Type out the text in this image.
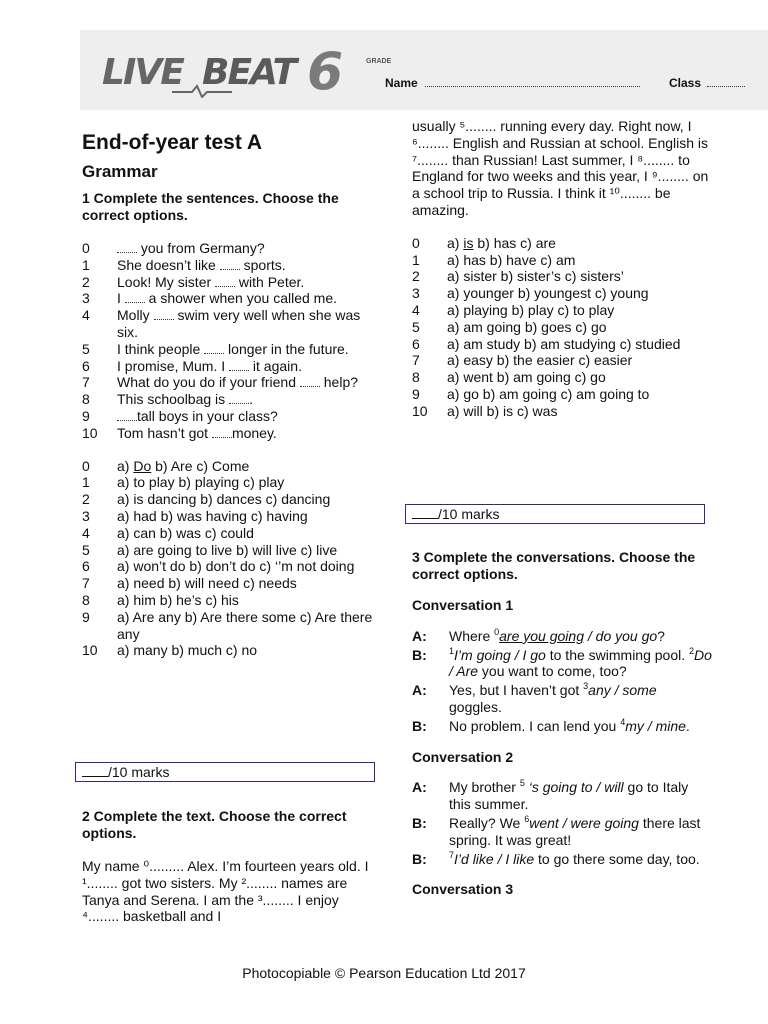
LIVE BEAT 6	GRADE
Name	Class
End-of-year test A
Grammar

1 Complete the sentences. Choose the correct options.

0	you from Germany?
1	She doesn’t like  sports.
2	Look! My sister  with Peter.
3	I  a shower when you called me.
4	Molly  swim very well when she was six.
5	I think people  longer in the future.
6	I promise, Mum. I  it again.
7	What do you do if your friend  help?
8	This schoolbag is .
9	tall boys in your class?
10	Tom hasn’t got money.
0	a) Do b) Are c) Come
1	a) to play b) playing c) play
2	a) is dancing b) dances c) dancing
3	a) had b) was having c) having
4	a) can b) was c) could
5	a) are going to live b) will live c) live
6	a) won’t do b) don’t do c) ‘’m not doing
7	a) need b) will need c) needs
8	a) him b) he’s c) his
9	a) Are any b) Are there some c) Are there any
10	a) many b) much c) no
/10 marks

2 Complete the text. Choose the correct options.

My name ⁰......... Alex. I’m fourteen years old. I ¹........ got two sisters. My ²........ names are Tanya and Serena. I am the ³........ I enjoy ⁴........ basketball and I

usually ⁵........ running every day. Right now, I ⁶........ English and Russian at school. English is ⁷........ than Russian! Last summer, I ⁸........ to England for two weeks and this year, I ⁹........ on a school trip to Russia. I think it ¹⁰........ be amazing.

0	a) is b) has c) are
1	a) has b) have c) am
2	a) sister b) sister’s c) sisters’
3	a) younger b) youngest c) young
4	a) playing b) play c) to play
5	a) am going b) goes c) go
6	a) am study b) am studying c) studied
7	a) easy b) the easier c) easier
8	a) went b) am going c) go
9	a) go b) am going c) am going to
10	a) will b) is c) was
/10 marks

3 Complete the conversations. Choose the correct options.

Conversation 1
A:	Where $^0$are you going / do you go?
B:	$^1$I’m going / I go to the swimming pool. $^2$Do / Are you want to come, too?
A:	Yes, but I haven’t got $^3$any / some goggles.
B:	No problem. I can lend you $^4$my / mine.
Conversation 2
A:	My brother $^5$ ‘s going to / will go to Italy this summer.
B:	Really? We $^6$went / were going there last spring. It was great!
B:	$^7$I’d like / I like to go there some day, too.
Conversation 3
Photocopiable © Pearson Education Ltd 2017
